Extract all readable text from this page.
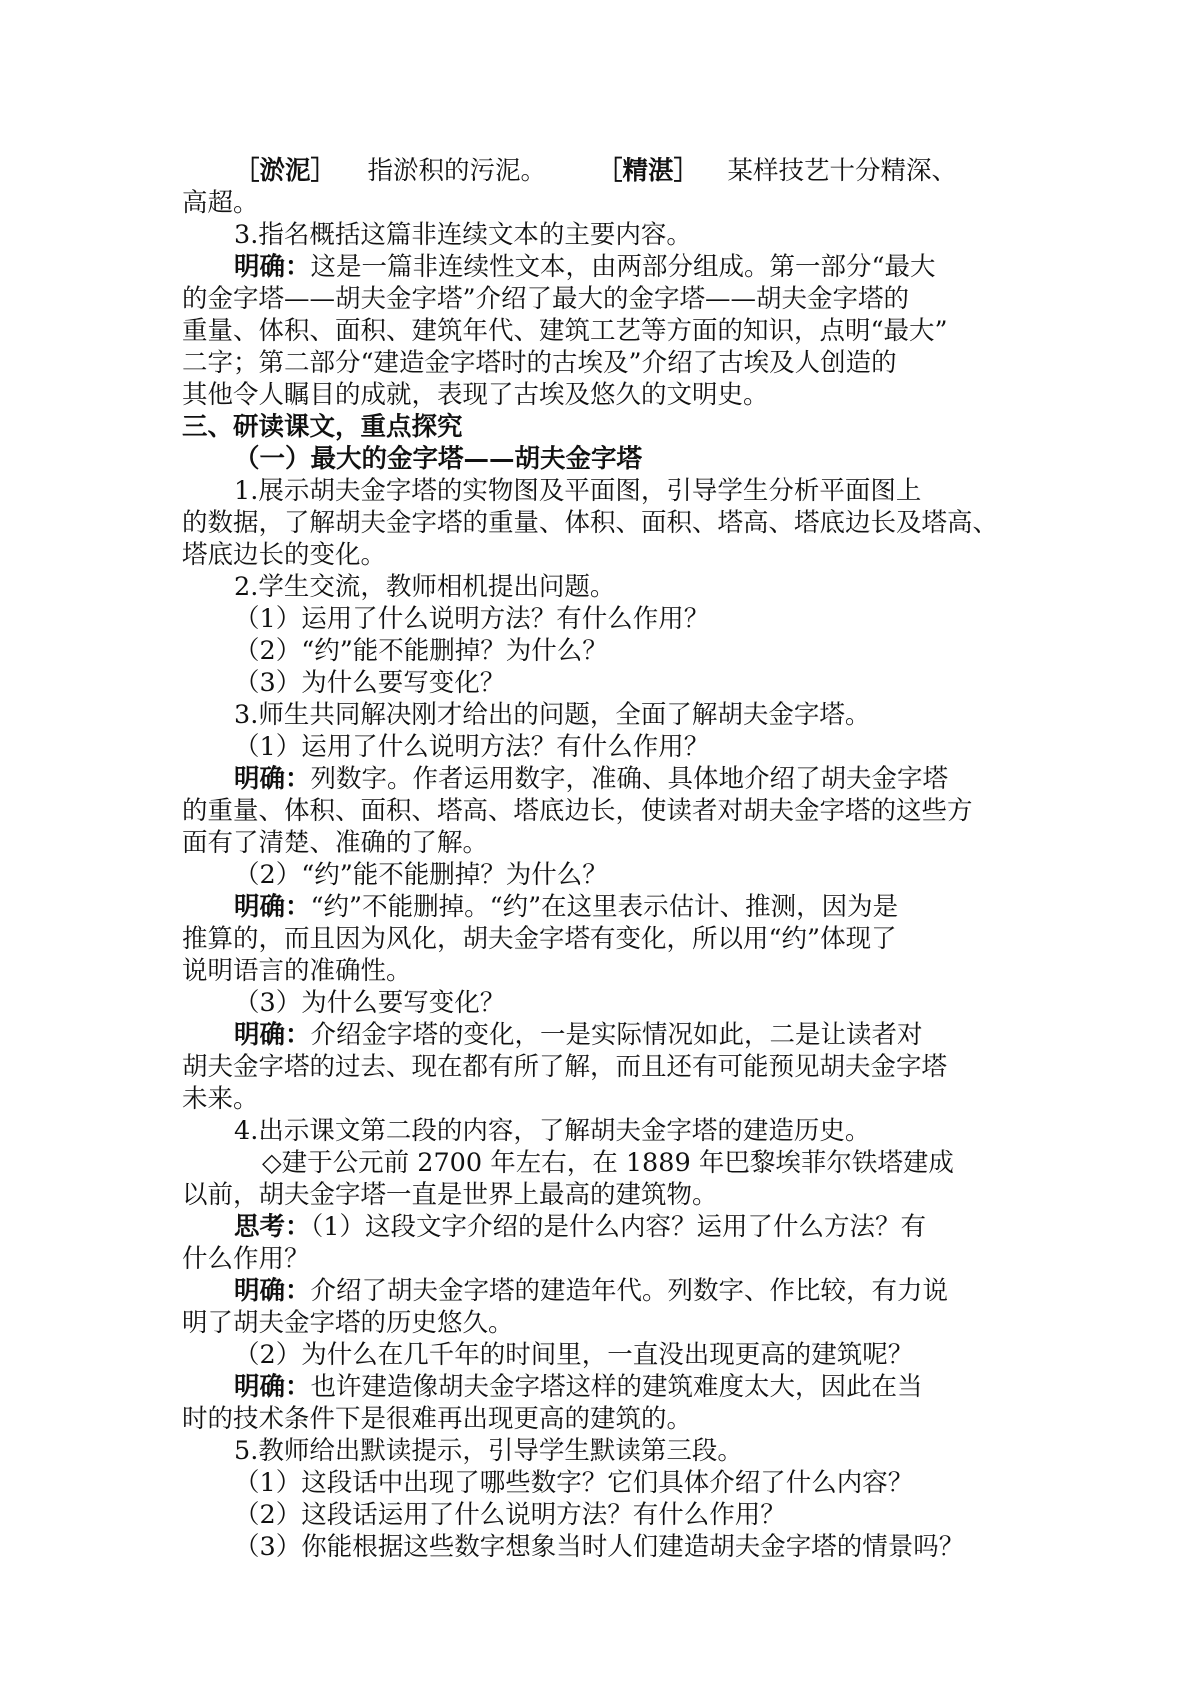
［淤泥］ 　指淤积的污泥。 ［精湛］ 　某样技艺十分精深、
高超。
3.指名概括这篇非连续文本的主要内容。
明确：这是一篇非连续性文本，由两部分组成。第一部分“最大
的金字塔——胡夫金字塔”介绍了最大的金字塔——胡夫金字塔的
重量、体积、面积、建筑年代、建筑工艺等方面的知识，点明“最大”
二字；第二部分“建造金字塔时的古埃及”介绍了古埃及人创造的
其他令人瞩目的成就，表现了古埃及悠久的文明史。
三、研读课文，重点探究
（一）最大的金字塔——胡夫金字塔
1.展示胡夫金字塔的实物图及平面图，引导学生分析平面图上
的数据，了解胡夫金字塔的重量、体积、面积、塔高、塔底边长及塔高、
塔底边长的变化。
2.学生交流，教师相机提出问题。
（1）运用了什么说明方法？有什么作用？
（2）“约”能不能删掉？为什么？
（3）为什么要写变化？
3.师生共同解决刚才给出的问题，全面了解胡夫金字塔。
（1）运用了什么说明方法？有什么作用？
明确：列数字。作者运用数字，准确、具体地介绍了胡夫金字塔
的重量、体积、面积、塔高、塔底边长，使读者对胡夫金字塔的这些方
面有了清楚、准确的了解。
（2）“约”能不能删掉？为什么？
明确：“约”不能删掉。“约”在这里表示估计、推测，因为是
推算的，而且因为风化，胡夫金字塔有变化，所以用“约”体现了
说明语言的准确性。
（3）为什么要写变化？
明确：介绍金字塔的变化，一是实际情况如此，二是让读者对
胡夫金字塔的过去、现在都有所了解，而且还有可能预见胡夫金字塔
未来。
4.出示课文第二段的内容，了解胡夫金字塔的建造历史。
◇建于公元前 2700 年左右，在 1889 年巴黎埃菲尔铁塔建成
以前，胡夫金字塔一直是世界上最高的建筑物。
思考：（1）这段文字介绍的是什么内容？运用了什么方法？有
什么作用？
明确：介绍了胡夫金字塔的建造年代。列数字、作比较，有力说
明了胡夫金字塔的历史悠久。
（2）为什么在几千年的时间里，一直没出现更高的建筑呢？
明确：也许建造像胡夫金字塔这样的建筑难度太大，因此在当
时的技术条件下是很难再出现更高的建筑的。
5.教师给出默读提示，引导学生默读第三段。
（1）这段话中出现了哪些数字？它们具体介绍了什么内容？
（2）这段话运用了什么说明方法？有什么作用？
（3）你能根据这些数字想象当时人们建造胡夫金字塔的情景吗？
